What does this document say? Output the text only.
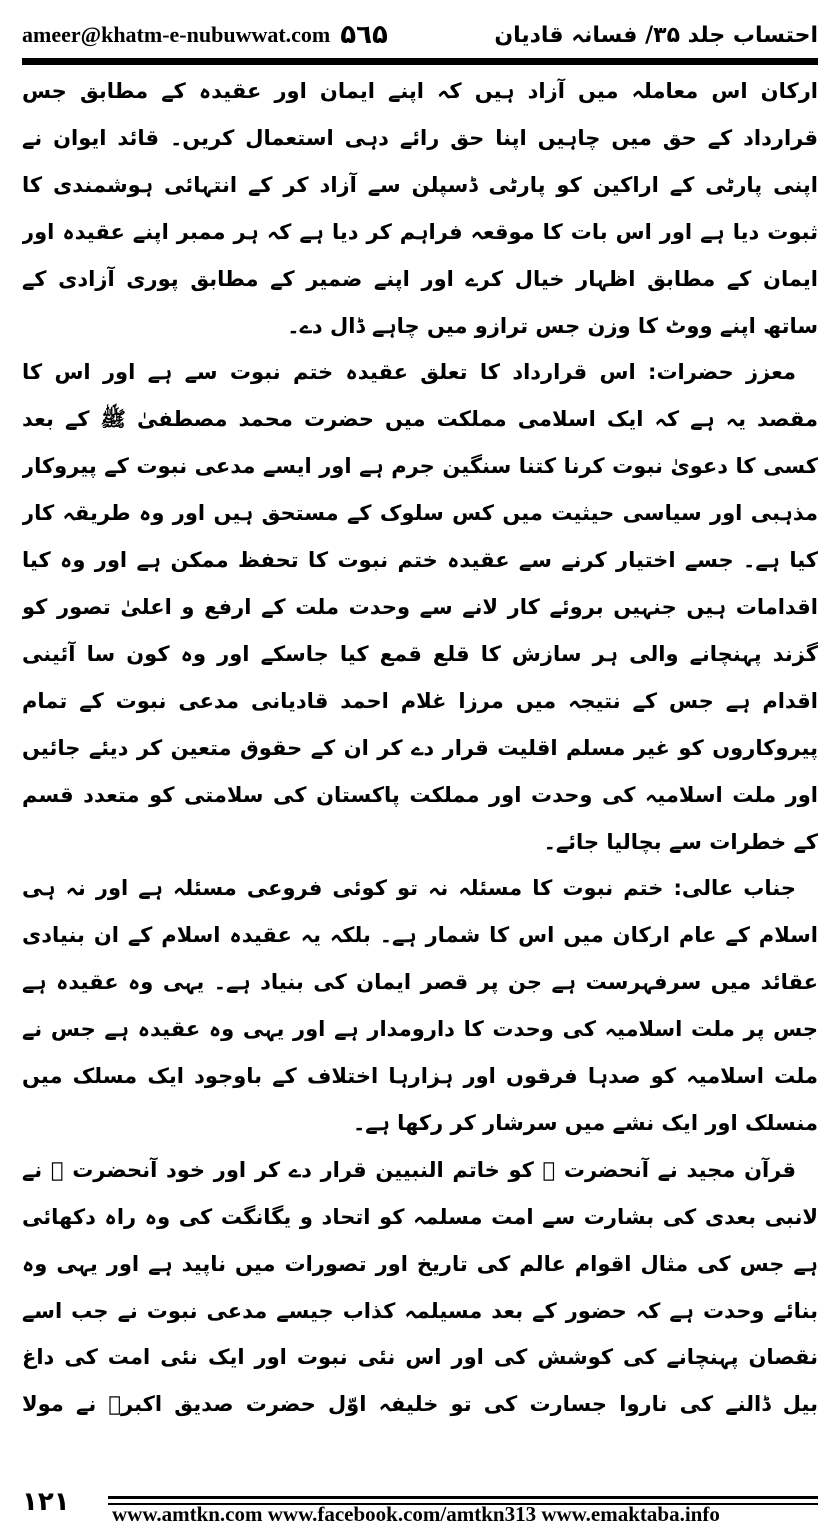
ameer@khatm-e-nubuwwat.com ۵٦۵	احتساب جلد ۳۵/ فسانہ قادیان

ارکان اس معاملہ میں آزاد ہیں کہ اپنے ایمان اور عقیدہ کے مطابق جس قرارداد کے حق میں چاہیں اپنا حق رائے دہی استعمال کریں۔ قائد ایوان نے اپنی پارٹی کے اراکین کو پارٹی ڈسپلن سے آزاد کر کے انتہائی ہوشمندی کا ثبوت دیا ہے اور اس بات کا موقعہ فراہم کر دیا ہے کہ ہر ممبر اپنے عقیدہ اور ایمان کے مطابق اظہار خیال کرے اور اپنے ضمیر کے مطابق پوری آزادی کے ساتھ اپنے ووٹ کا وزن جس ترازو میں چاہے ڈال دے۔

معزز حضرات: اس قرارداد کا تعلق عقیدہ ختم نبوت سے ہے اور اس کا مقصد یہ ہے کہ ایک اسلامی مملکت میں حضرت محمد مصطفیٰ ﷺ کے بعد کسی کا دعویٰ نبوت کرنا کتنا سنگین جرم ہے اور ایسے مدعی نبوت کے پیروکار مذہبی اور سیاسی حیثیت میں کس سلوک کے مستحق ہیں اور وہ طریقہ کار کیا ہے۔ جسے اختیار کرنے سے عقیدہ ختم نبوت کا تحفظ ممکن ہے اور وہ کیا اقدامات ہیں جنہیں بروئے کار لانے سے وحدت ملت کے ارفع و اعلیٰ تصور کو گزند پہنچانے والی ہر سازش کا قلع قمع کیا جاسکے اور وہ کون سا آئینی اقدام ہے جس کے نتیجہ میں مرزا غلام احمد قادیانی مدعی نبوت کے تمام پیروکاروں کو غیر مسلم اقلیت قرار دے کر ان کے حقوق متعین کر دیئے جائیں اور ملت اسلامیہ کی وحدت اور مملکت پاکستان کی سلامتی کو متعدد قسم کے خطرات سے بچالیا جائے۔

جناب عالی: ختم نبوت کا مسئلہ نہ تو کوئی فروعی مسئلہ ہے اور نہ ہی اسلام کے عام ارکان میں اس کا شمار ہے۔ بلکہ یہ عقیدہ اسلام کے ان بنیادی عقائد میں سرفہرست ہے جن پر قصر ایمان کی بنیاد ہے۔ یہی وہ عقیدہ ہے جس پر ملت اسلامیہ کی وحدت کا دارومدار ہے اور یہی وہ عقیدہ ہے جس نے ملت اسلامیہ کو صدہا فرقوں اور ہزارہا اختلاف کے باوجود ایک مسلک میں منسلک اور ایک نشے میں سرشار کر رکھا ہے۔

قرآن مجید نے آنحضرت ﷺ کو خاتم النبیین قرار دے کر اور خود آنحضرت ﷺ نے لانبی بعدی کی بشارت سے امت مسلمہ کو اتحاد و یگانگت کی وہ راہ دکھائی ہے جس کی مثال اقوام عالم کی تاریخ اور تصورات میں ناپید ہے اور یہی وہ بنائے وحدت ہے کہ حضور کے بعد مسیلمہ کذاب جیسے مدعی نبوت نے جب اسے نقصان پہنچانے کی کوشش کی اور اس نئی نبوت اور ایک نئی امت کی داغ بیل ڈالنے کی ناروا جسارت کی تو خلیفہ اوّل حضرت صدیق اکبرؓ نے مولا

۱۲۱	www.amtkn.com www.facebook.com/amtkn313 www.emaktaba.info
